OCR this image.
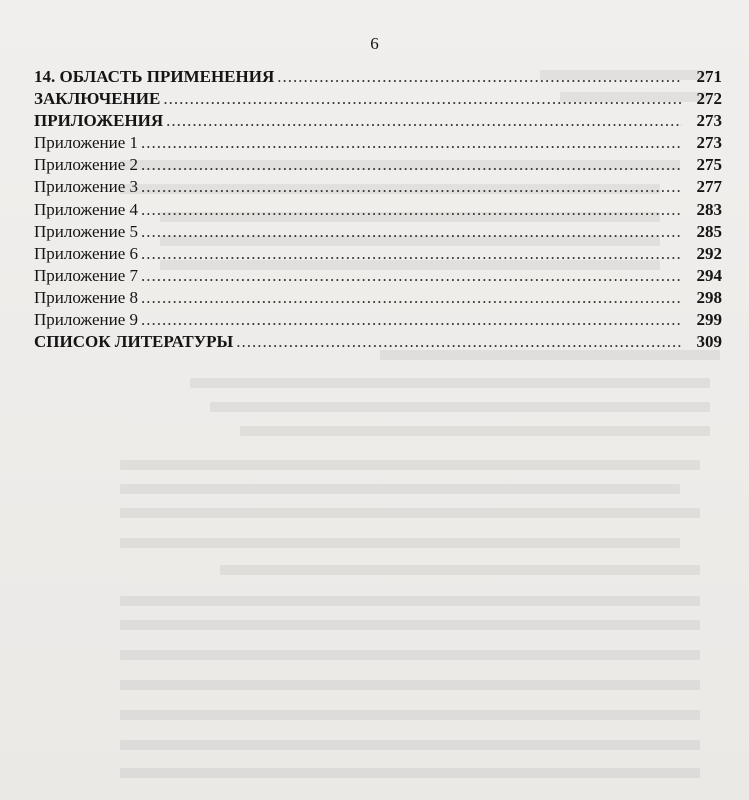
6
14. ОБЛАСТЬ ПРИМЕНЕНИЯ .....	271
ЗАКЛЮЧЕНИЕ .....	272
ПРИЛОЖЕНИЯ .....	273
Приложение 1 .....	273
Приложение 2 .....	275
Приложение 3 .....	277
Приложение 4 .....	283
Приложение 5 .....	285
Приложение 6 .....	292
Приложение 7 .....	294
Приложение 8 .....	298
Приложение 9 .....	299
СПИСОК ЛИТЕРАТУРЫ .....	309
